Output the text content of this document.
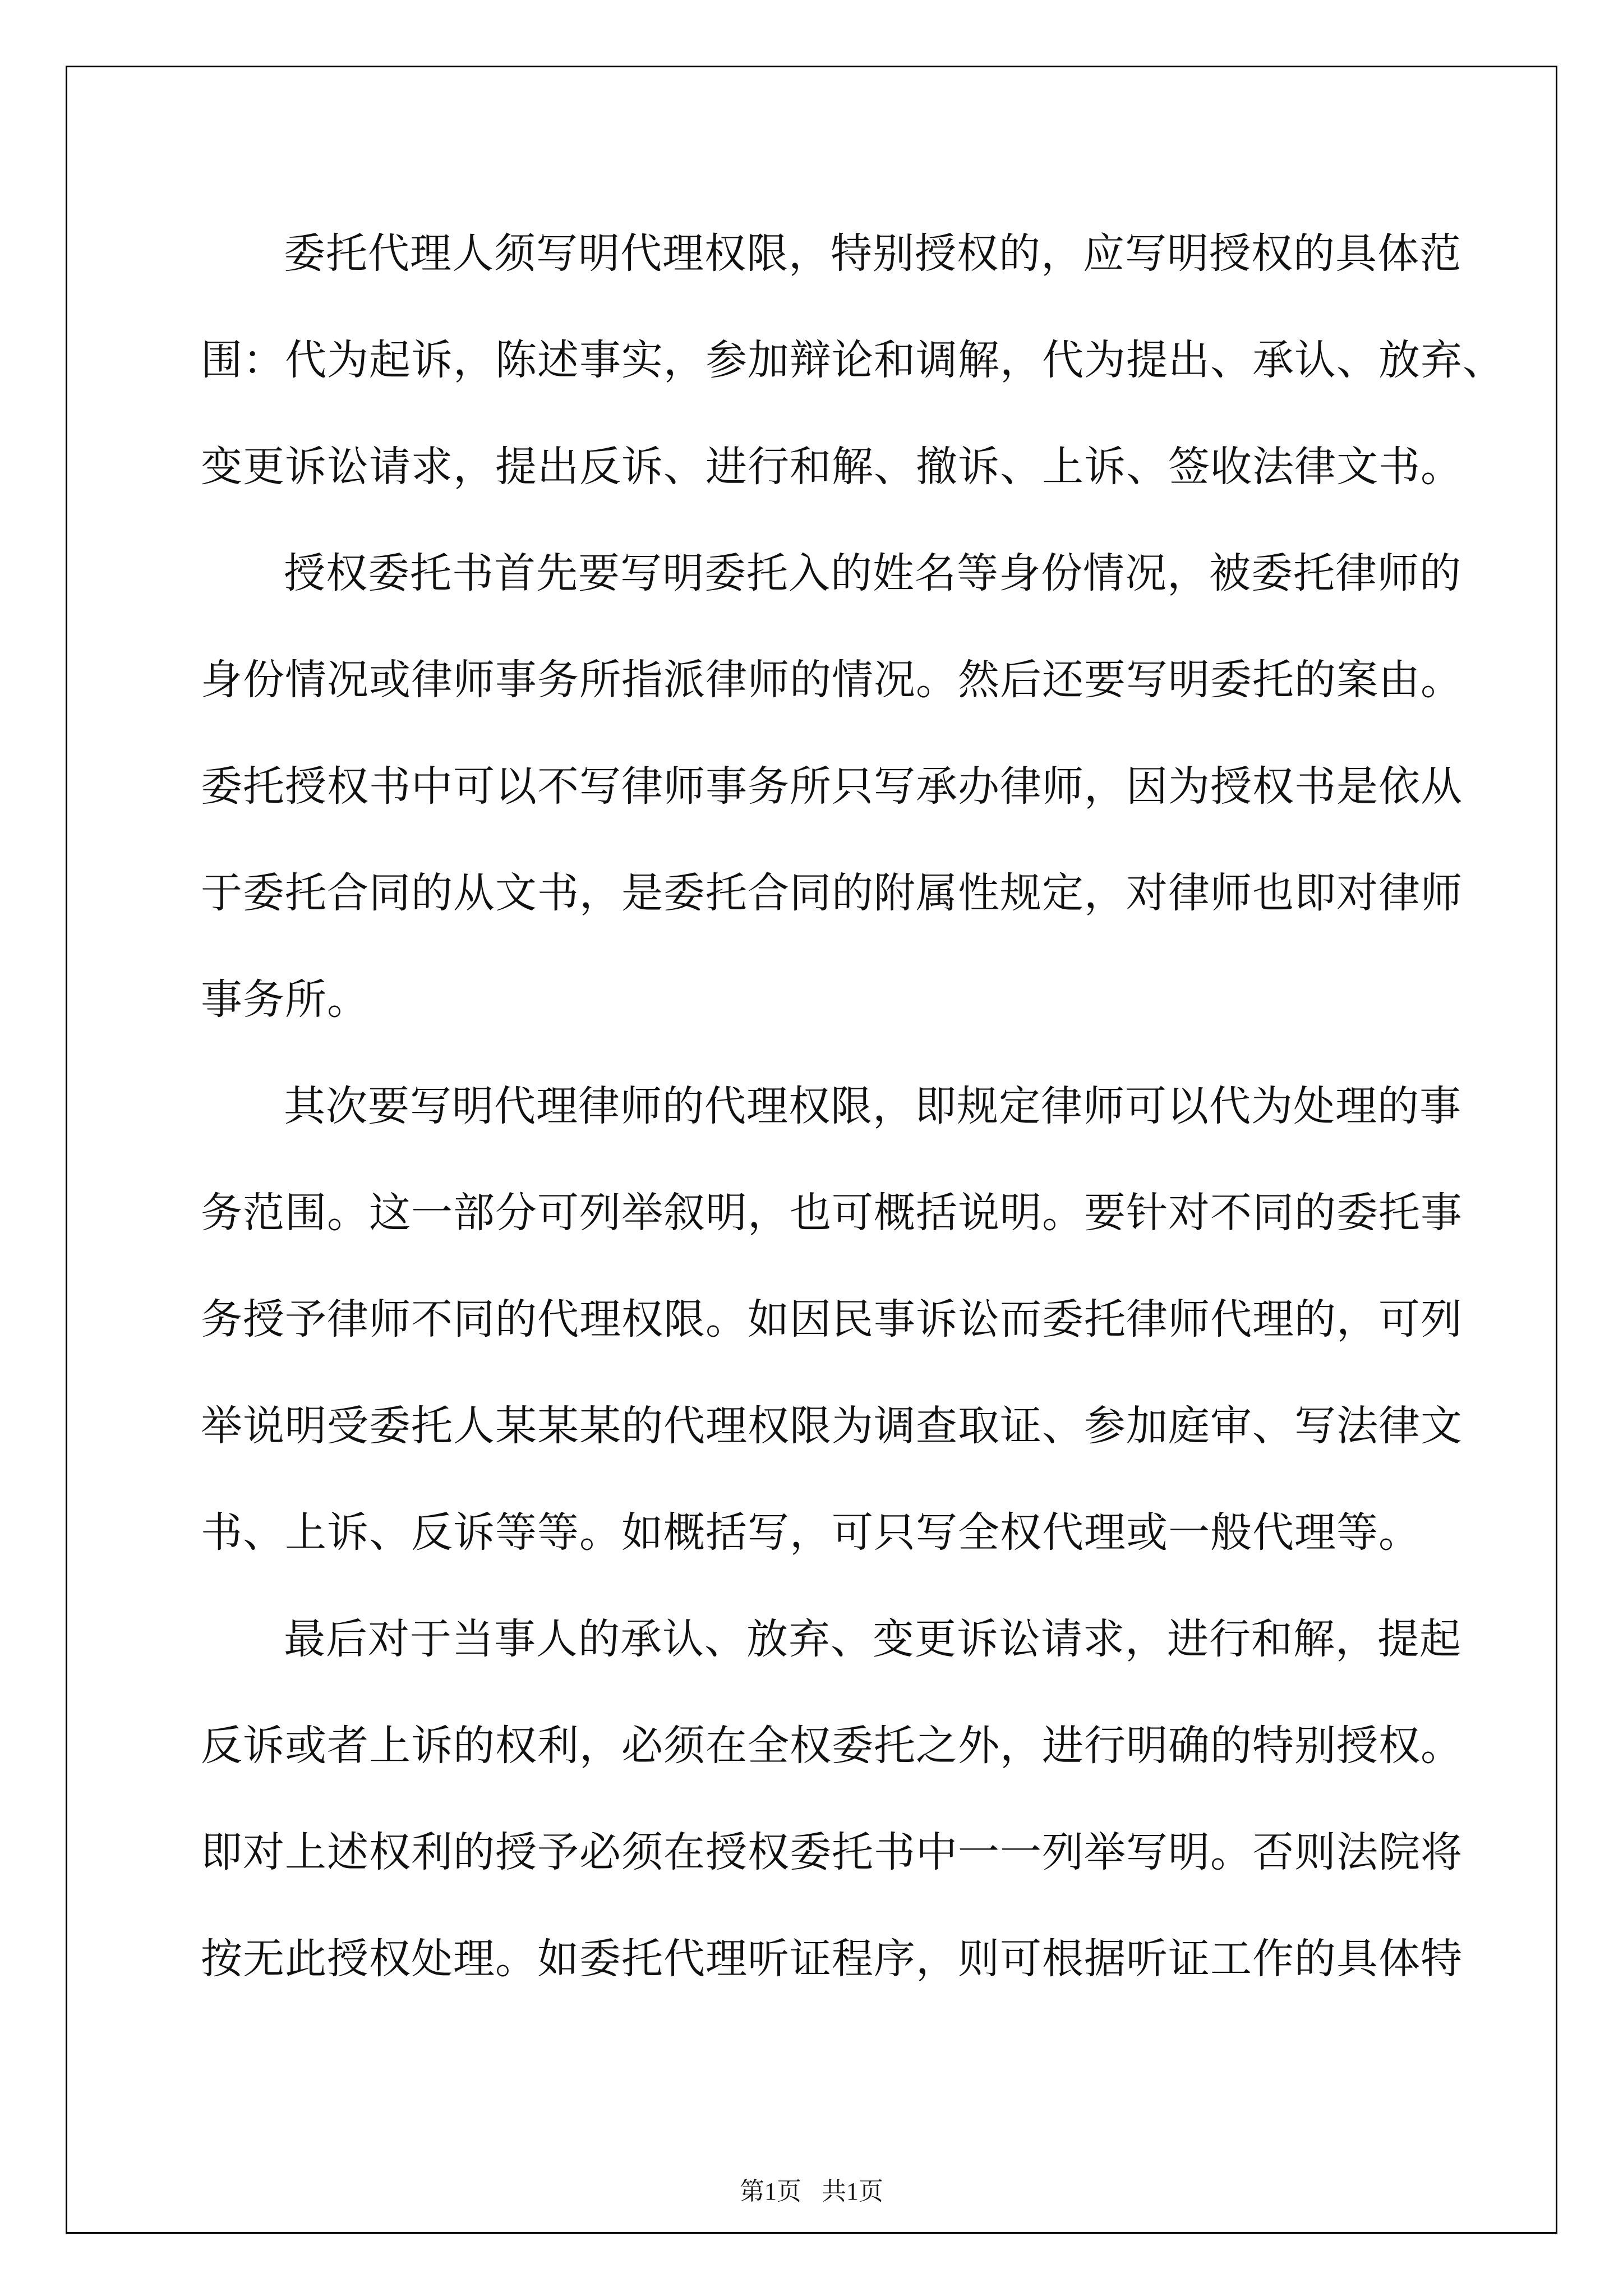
委托代理人须写明代理权限，特别授权的，应写明授权的具体范
围：代为起诉，陈述事实，参加辩论和调解，代为提出、承认、放弃、
变更诉讼请求，提出反诉、进行和解、撤诉、上诉、签收法律文书。
授权委托书首先要写明委托入的姓名等身份情况，被委托律师的
身份情况或律师事务所指派律师的情况。然后还要写明委托的案由。
委托授权书中可以不写律师事务所只写承办律师，因为授权书是依从
于委托合同的从文书，是委托合同的附属性规定，对律师也即对律师
事务所。
其次要写明代理律师的代理权限，即规定律师可以代为处理的事
务范围。这一部分可列举叙明，也可概括说明。要针对不同的委托事
务授予律师不同的代理权限。如因民事诉讼而委托律师代理的，可列
举说明受委托人某某某的代理权限为调查取证、参加庭审、写法律文
书、上诉、反诉等等。如概括写，可只写全权代理或一般代理等。
最后对于当事人的承认、放弃、变更诉讼请求，进行和解，提起
反诉或者上诉的权利，必须在全权委托之外，进行明确的特别授权。
即对上述权利的授予必须在授权委托书中一一列举写明。否则法院将
按无此授权处理。如委托代理听证程序，则可根据听证工作的具体特
第1页 共1页
